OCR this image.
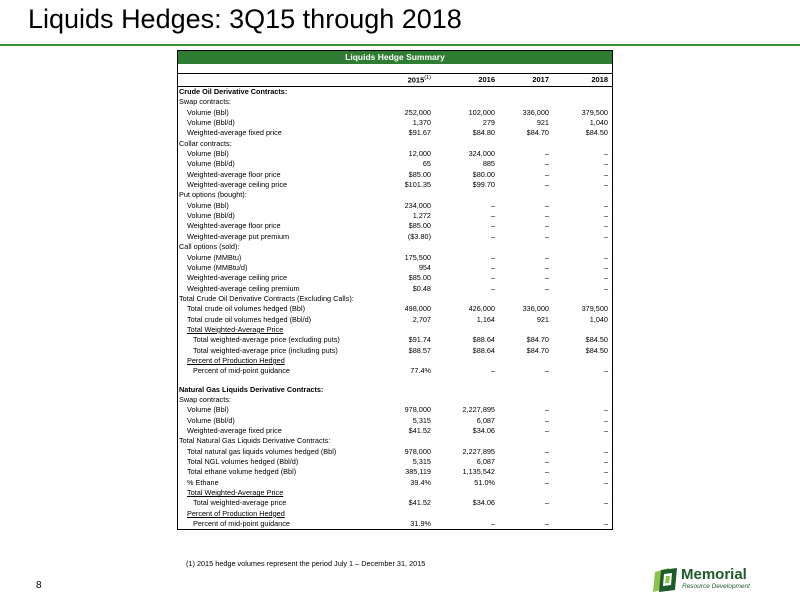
Liquids Hedges: 3Q15 through 2018
Liquids Hedge Summary
2015$^{(1)}$	2016	2017	2018
Crude Oil Derivative Contracts:
Swap contracts:
Volume (Bbl)	252,000	102,000	336,000	379,500
Volume (Bbl/d)	1,370	279	921	1,040
Weighted-average fixed price	$91.67	$84.80	$84.70	$84.50
Collar contracts:
Volume (Bbl)	12,000	324,000	–	–
Volume (Bbl/d)	65	885	–	–
Weighted-average floor price	$85.00	$80.00	–	–
Weighted-average ceiling price	$101.35	$99.70	–	–
Put options (bought):
Volume (Bbl)	234,000	–	–	–
Volume (Bbl/d)	1,272	–	–	–
Weighted-average floor price	$85.00	–	–	–
Weighted-average put premium	($3.80)	–	–	–
Call options (sold):
Volume (MMBtu)	175,500	–	–	–
Volume (MMBtu/d)	954	–	–	–
Weighted-average ceiling price	$85.00	–	–	–
Weighted-average ceiling premium	$0.48	–	–	–
Total Crude Oil Derivative Contracts (Excluding Calls):
Total crude oil volumes hedged (Bbl)	498,000	426,000	336,000	379,500
Total crude oil volumes hedged (Bbl/d)	2,707	1,164	921	1,040
Total Weighted-Average Price
Total weighted-average price (excluding puts)	$91.74	$88.64	$84.70	$84.50
Total weighted-average price (including puts)	$88.57	$88.64	$84.70	$84.50
Percent of Production Hedged
Percent of mid-point guidance	77.4%	–	–	–
Natural Gas Liquids Derivative Contracts:
Swap contracts:
Volume (Bbl)	978,000	2,227,895	–	–
Volume (Bbl/d)	5,315	6,087	–	–
Weighted-average fixed price	$41.52	$34.06	–	–
Total Natural Gas Liquids Derivative Contracts:
Total natural gas liquids volumes hedged (Bbl)	978,000	2,227,895	–	–
Total NGL volumes hedged (Bbl/d)	5,315	6,087	–	–
Total ethane volume hedged (Bbl)	385,119	1,135,542	–	–
% Ethane	39.4%	51.0%	–	–
Total Weighted-Average Price
Total weighted-average price	$41.52	$34.06	–	–
Percent of Production Hedged
Percent of mid-point guidance	31.9%	–	–	–
(1) 2015 hedge volumes represent the period July 1 – December 31, 2015
8
Memorial
Resource Development
